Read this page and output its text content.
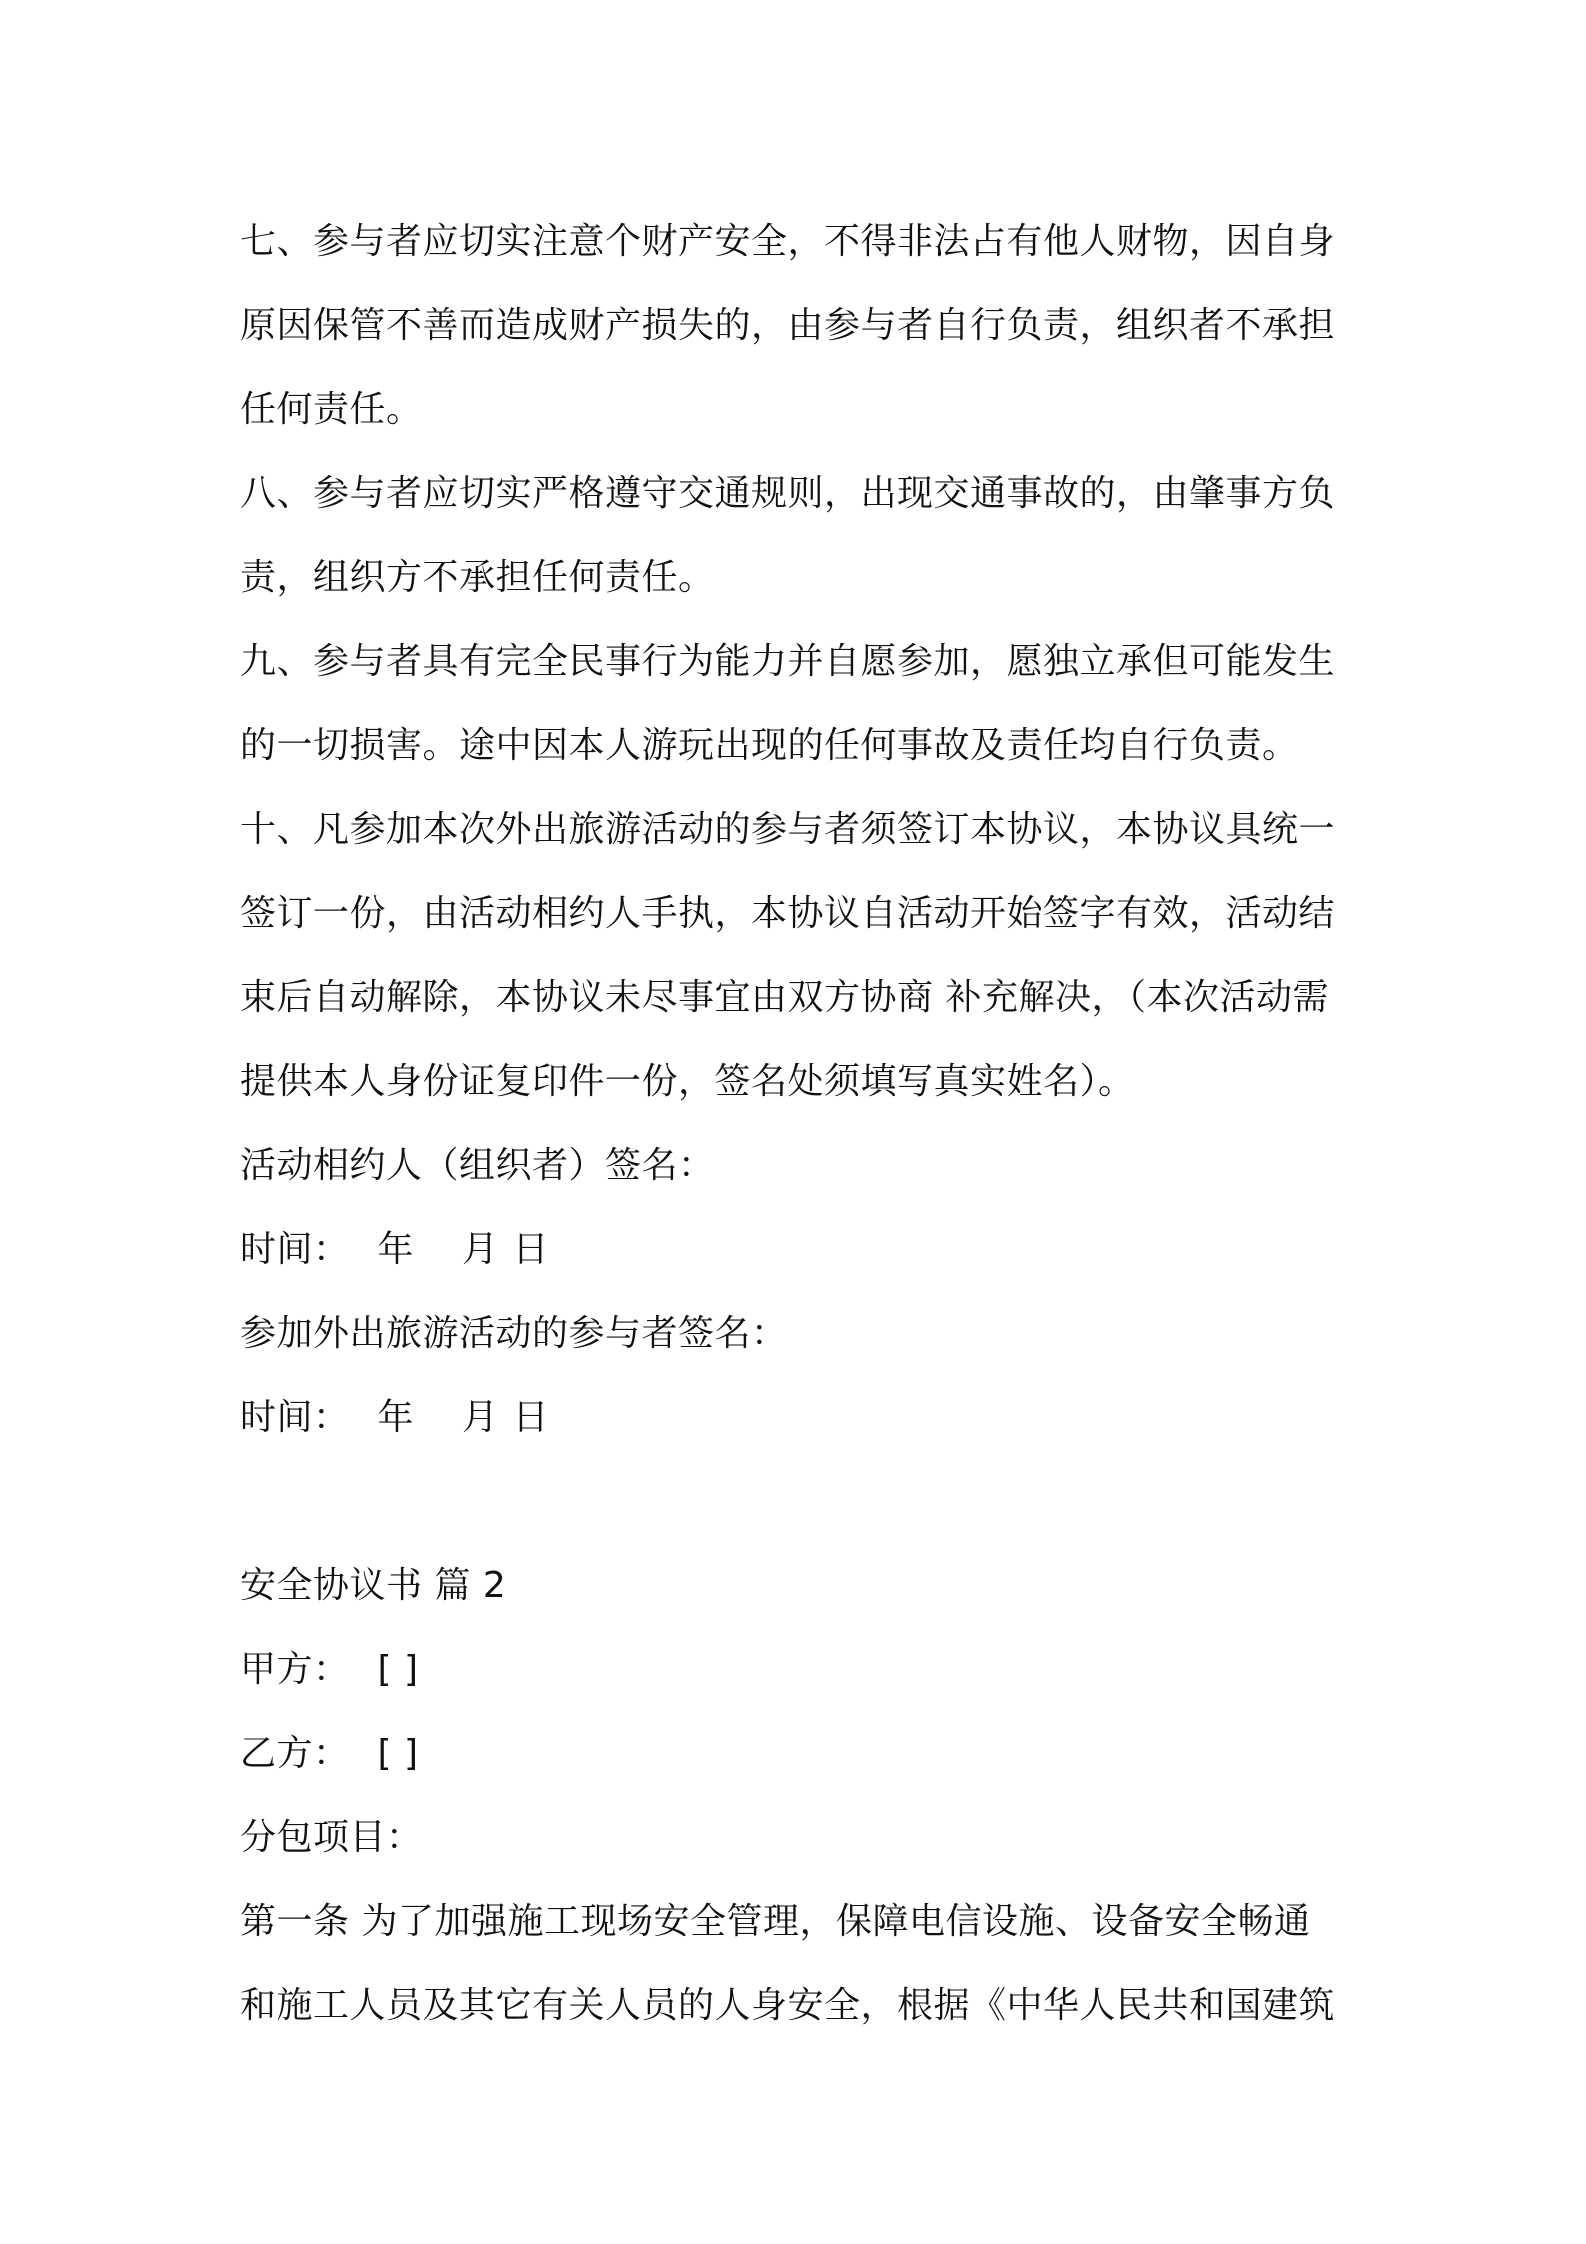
七、参与者应切实注意个财产安全，不得非法占有他人财物，因自身
原因保管不善而造成财产损失的，由参与者自行负责，组织者不承担
任何责任。
八、参与者应切实严格遵守交通规则，出现交通事故的，由肇事方负
责，组织方不承担任何责任。
九、参与者具有完全民事行为能力并自愿参加，愿独立承但可能发生
的一切损害。途中因本人游玩出现的任何事故及责任均自行负责。
十、凡参加本次外出旅游活动的参与者须签订本协议，本协议具统一
签订一份，由活动相约人手执，本协议自活动开始签字有效，活动结
束后自动解除，本协议未尽事宜由双方协商 补充解决，（本次活动需
提供本人身份证复印件一份，签名处须填写真实姓名）。
活动相约人（组织者）签名：
时间： 年 月 日
参加外出旅游活动的参与者签名：
时间： 年 月 日
安全协议书 篇 2
甲方： [ ]
乙方： [ ]
分包项目：
第一条 为了加强施工现场安全管理，保障电信设施、设备安全畅通
和施工人员及其它有关人员的人身安全，根据《中华人民共和国建筑
